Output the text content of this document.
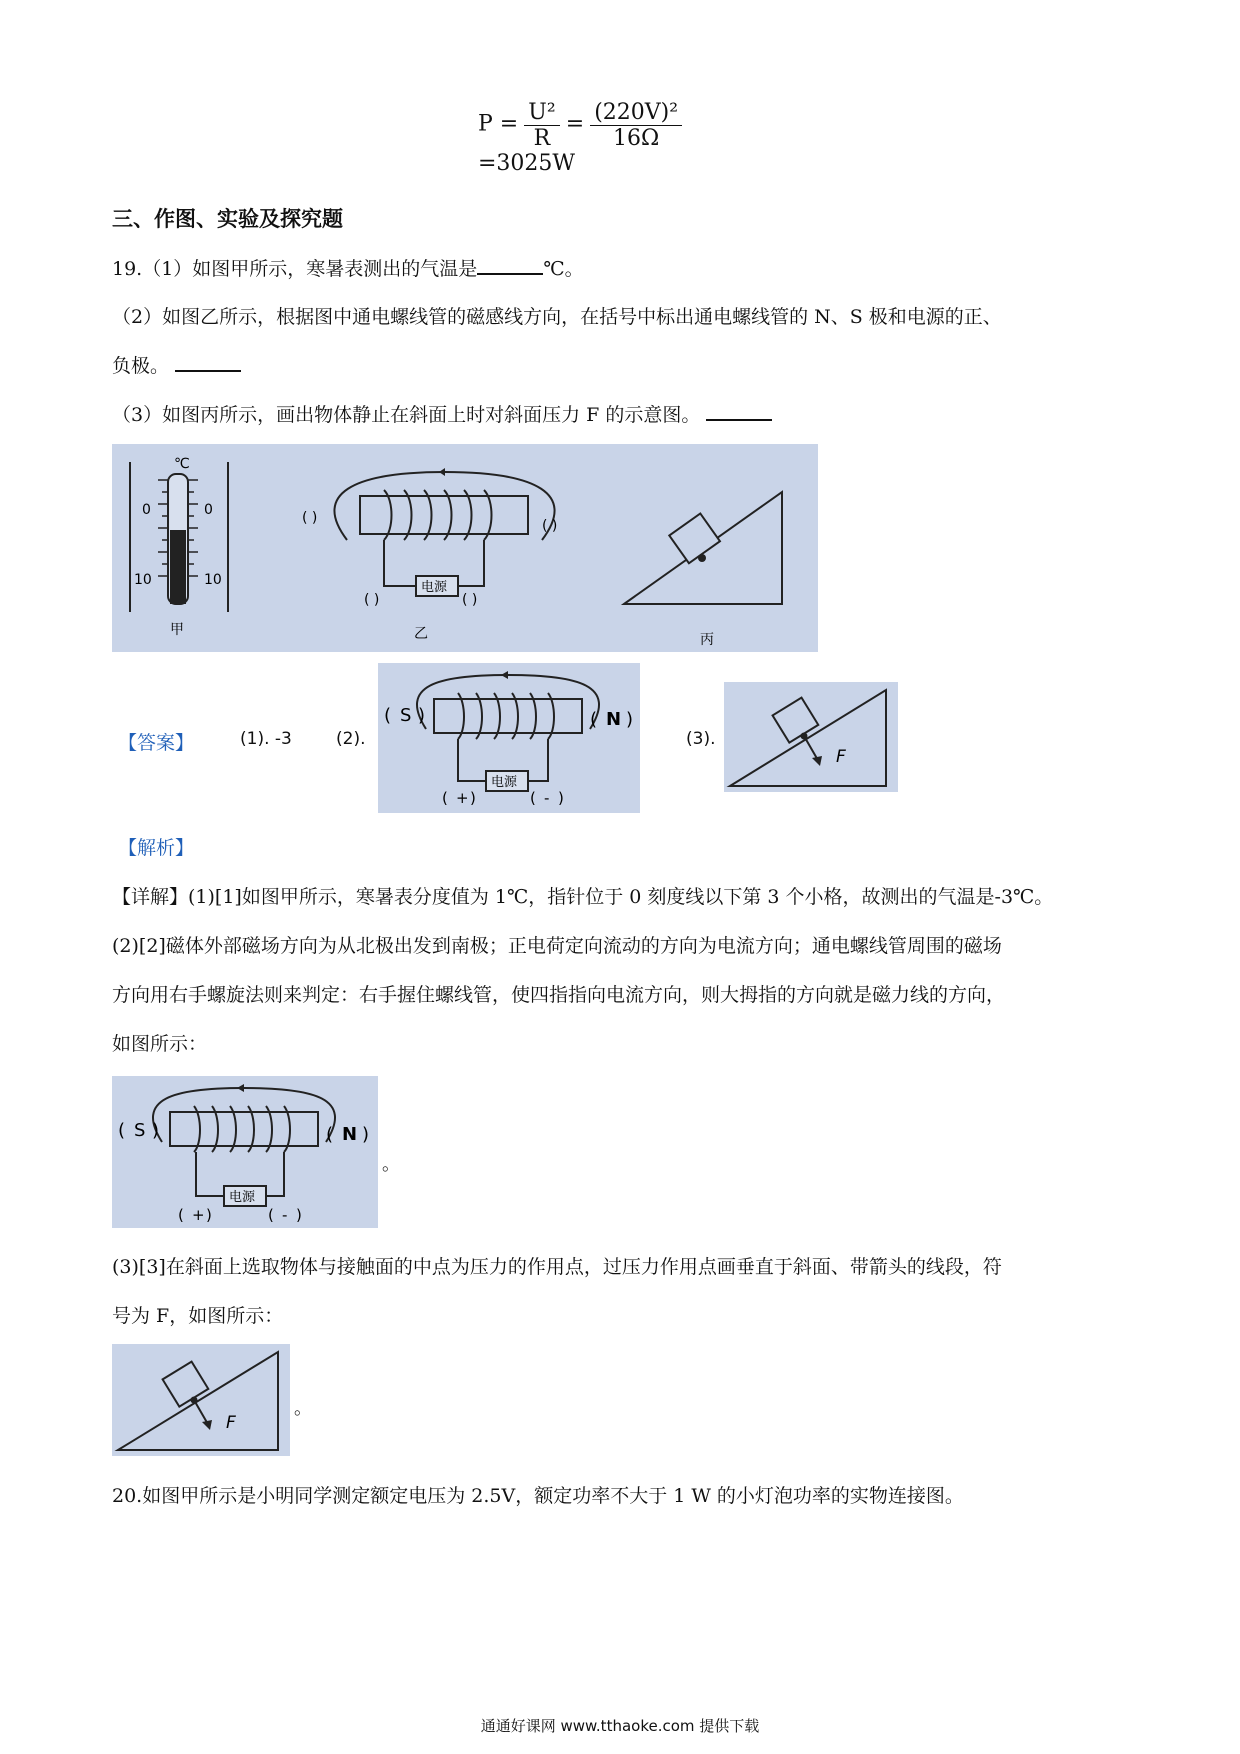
$P = \frac{\text{U²}}{R} = \frac{\text{(220V)²}}{16\Omega}$
=3025W
三、作图、实验及探究题
19.（1）如图甲所示，寒暑表测出的气温是	℃。
（2）如图乙所示，根据图中通电螺线管的磁感线方向，在括号中标出通电螺线管的 N、S 极和电源的正、
负极。
（3）如图丙所示，画出物体静止在斜面上时对斜面压力 F 的示意图。
℃
0	0
10	10
甲
电源
( )	( )
( )	( )
乙	丙
【答案】	(1). -3	(2).
电源
( S )	( N )
( + )	( - )
(3).
F
【解析】
【详解】(1)[1]如图甲所示，寒暑表分度值为 1℃，指针位于 0 刻度线以下第 3 个小格，故测出的气温是-3℃。
(2)[2]磁体外部磁场方向为从北极出发到南极；正电荷定向流动的方向为电流方向；通电螺线管周围的磁场
方向用右手螺旋法则来判定：右手握住螺线管，使四指指向电流方向，则大拇指的方向就是磁力线的方向，
如图所示：
电源
( S )	( N )
( + )	( - )
。
(3)[3]在斜面上选取物体与接触面的中点为压力的作用点，过压力作用点画垂直于斜面、带箭头的线段，符
号为 F，如图所示：
F
。
20.如图甲所示是小明同学测定额定电压为 2.5V，额定功率不大于 1 W 的小灯泡功率的实物连接图。
通通好课网 www.tthaoke.com 提供下载
